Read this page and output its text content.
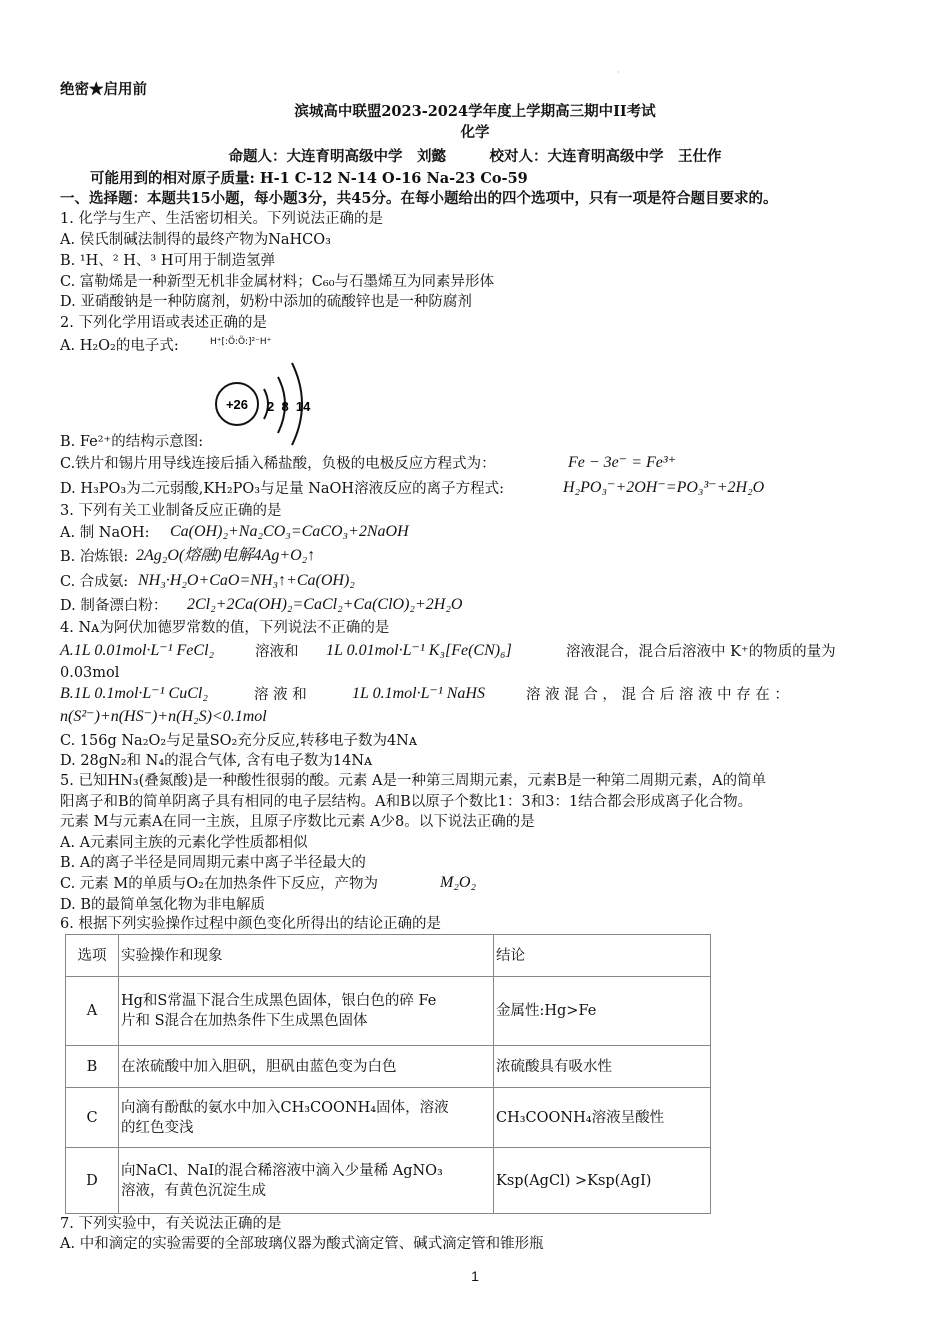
·
绝密★启用前
滨城高中联盟2023-2024学年度上学期高三期中II考试
化学
命题人：大连育明高级中学　刘懿　　　校对人：大连育明高级中学　王仕作
可能用到的相对原子质量: H-1 C-12 N-14 O-16 Na-23 Co-59
一、选择题：本题共15小题，每小题3分，共45分。在每小题给出的四个选项中，只有一项是符合题目要求的。
1. 化学与生产、生活密切相关。下列说法正确的是
A. 侯氏制碱法制得的最终产物为NaHCO₃
B. ¹H、² H、³ H可用于制造氢弹
C. 富勒烯是一种新型无机非金属材料；C₆₀与石墨烯互为同素异形体
D. 亚硝酸钠是一种防腐剂，奶粉中添加的硫酸锌也是一种防腐剂
2. 下列化学用语或表述正确的是
A. H₂O₂的电子式:	H⁺[:Ö:Ö:]²⁻H⁺
+26 2  8  14
B. Fe²⁺的结构示意图:
C.铁片和锡片用导线连接后插入稀盐酸，负极的电极反应方程式为：	Fe − 3e⁻ = Fe³⁺
D. H₃PO₃为二元弱酸,KH₂PO₃与足量 NaOH溶液反应的离子方程式:	H₂PO₃⁻+2OH⁻=PO₃³⁻+2H₂O
3. 下列有关工业制备反应正确的是
A. 制 NaOH: Ca(OH)₂+Na₂CO₃=CaCO₃+2NaOH
B. 冶炼银: 2Ag₂O(熔融)电解4Ag+O₂↑
C. 合成氨: NH₃·H₂O+CaO=NH₃↑+Ca(OH)₂
D. 制备漂白粉： 2Cl₂+2Ca(OH)₂=CaCl₂+Ca(ClO)₂+2H₂O
4. Nᴀ为阿伏加德罗常数的值，下列说法不正确的是
A.1L 0.01mol·L⁻¹ FeCl₂	溶液和 1L 0.01mol·L⁻¹ K₃[Fe(CN)₆]	溶液混合，混合后溶液中 K⁺的物质的量为
0.03mol
B.1L 0.1mol·L⁻¹ CuCl₂	溶 液 和	1L 0.1mol·L⁻¹ NaHS	溶 液 混 合 ， 混 合 后 溶 液 中 存 在 ：
n(S²⁻)+n(HS⁻)+n(H₂S)<0.1mol
C. 156g Na₂O₂与足量SO₂充分反应,转移电子数为4Nᴀ
D. 28gN₂和 N₄的混合气体, 含有电子数为14Nᴀ
5. 已知HN₃(叠氮酸)是一种酸性很弱的酸。元素 A是一种第三周期元素，元素B是一种第二周期元素，A的简单
阳离子和B的简单阴离子具有相同的电子层结构。A和B以原子个数比1：3和3：1结合都会形成离子化合物。
元素 M与元素A在同一主族，且原子序数比元素 A少8。以下说法正确的是
A. A元素同主族的元素化学性质都相似
B. A的离子半径是同周期元素中离子半径最大的
C. 元素 M的单质与O₂在加热条件下反应，产物为	M₂O₂
D. B的最简单氢化物为非电解质
6. 根据下列实验操作过程中颜色变化所得出的结论正确的是
选项	实验操作和现象	结论
A	Hg和S常温下混合生成黑色固体，银白色的碎 Fe
片和 S混合在加热条件下生成黑色固体	金属性:Hg>Fe
B	在浓硫酸中加入胆矾，胆矾由蓝色变为白色	浓硫酸具有吸水性
C	向滴有酚酞的氨水中加入CH₃COONH₄固体，溶液
的红色变浅	CH₃COONH₄溶液呈酸性
D	向NaCl、NaI的混合稀溶液中滴入少量稀 AgNO₃
溶液，有黄色沉淀生成	Ksp(AgCl) >Ksp(AgI)
7. 下列实验中，有关说法正确的是
A. 中和滴定的实验需要的全部玻璃仪器为酸式滴定管、碱式滴定管和锥形瓶
1
